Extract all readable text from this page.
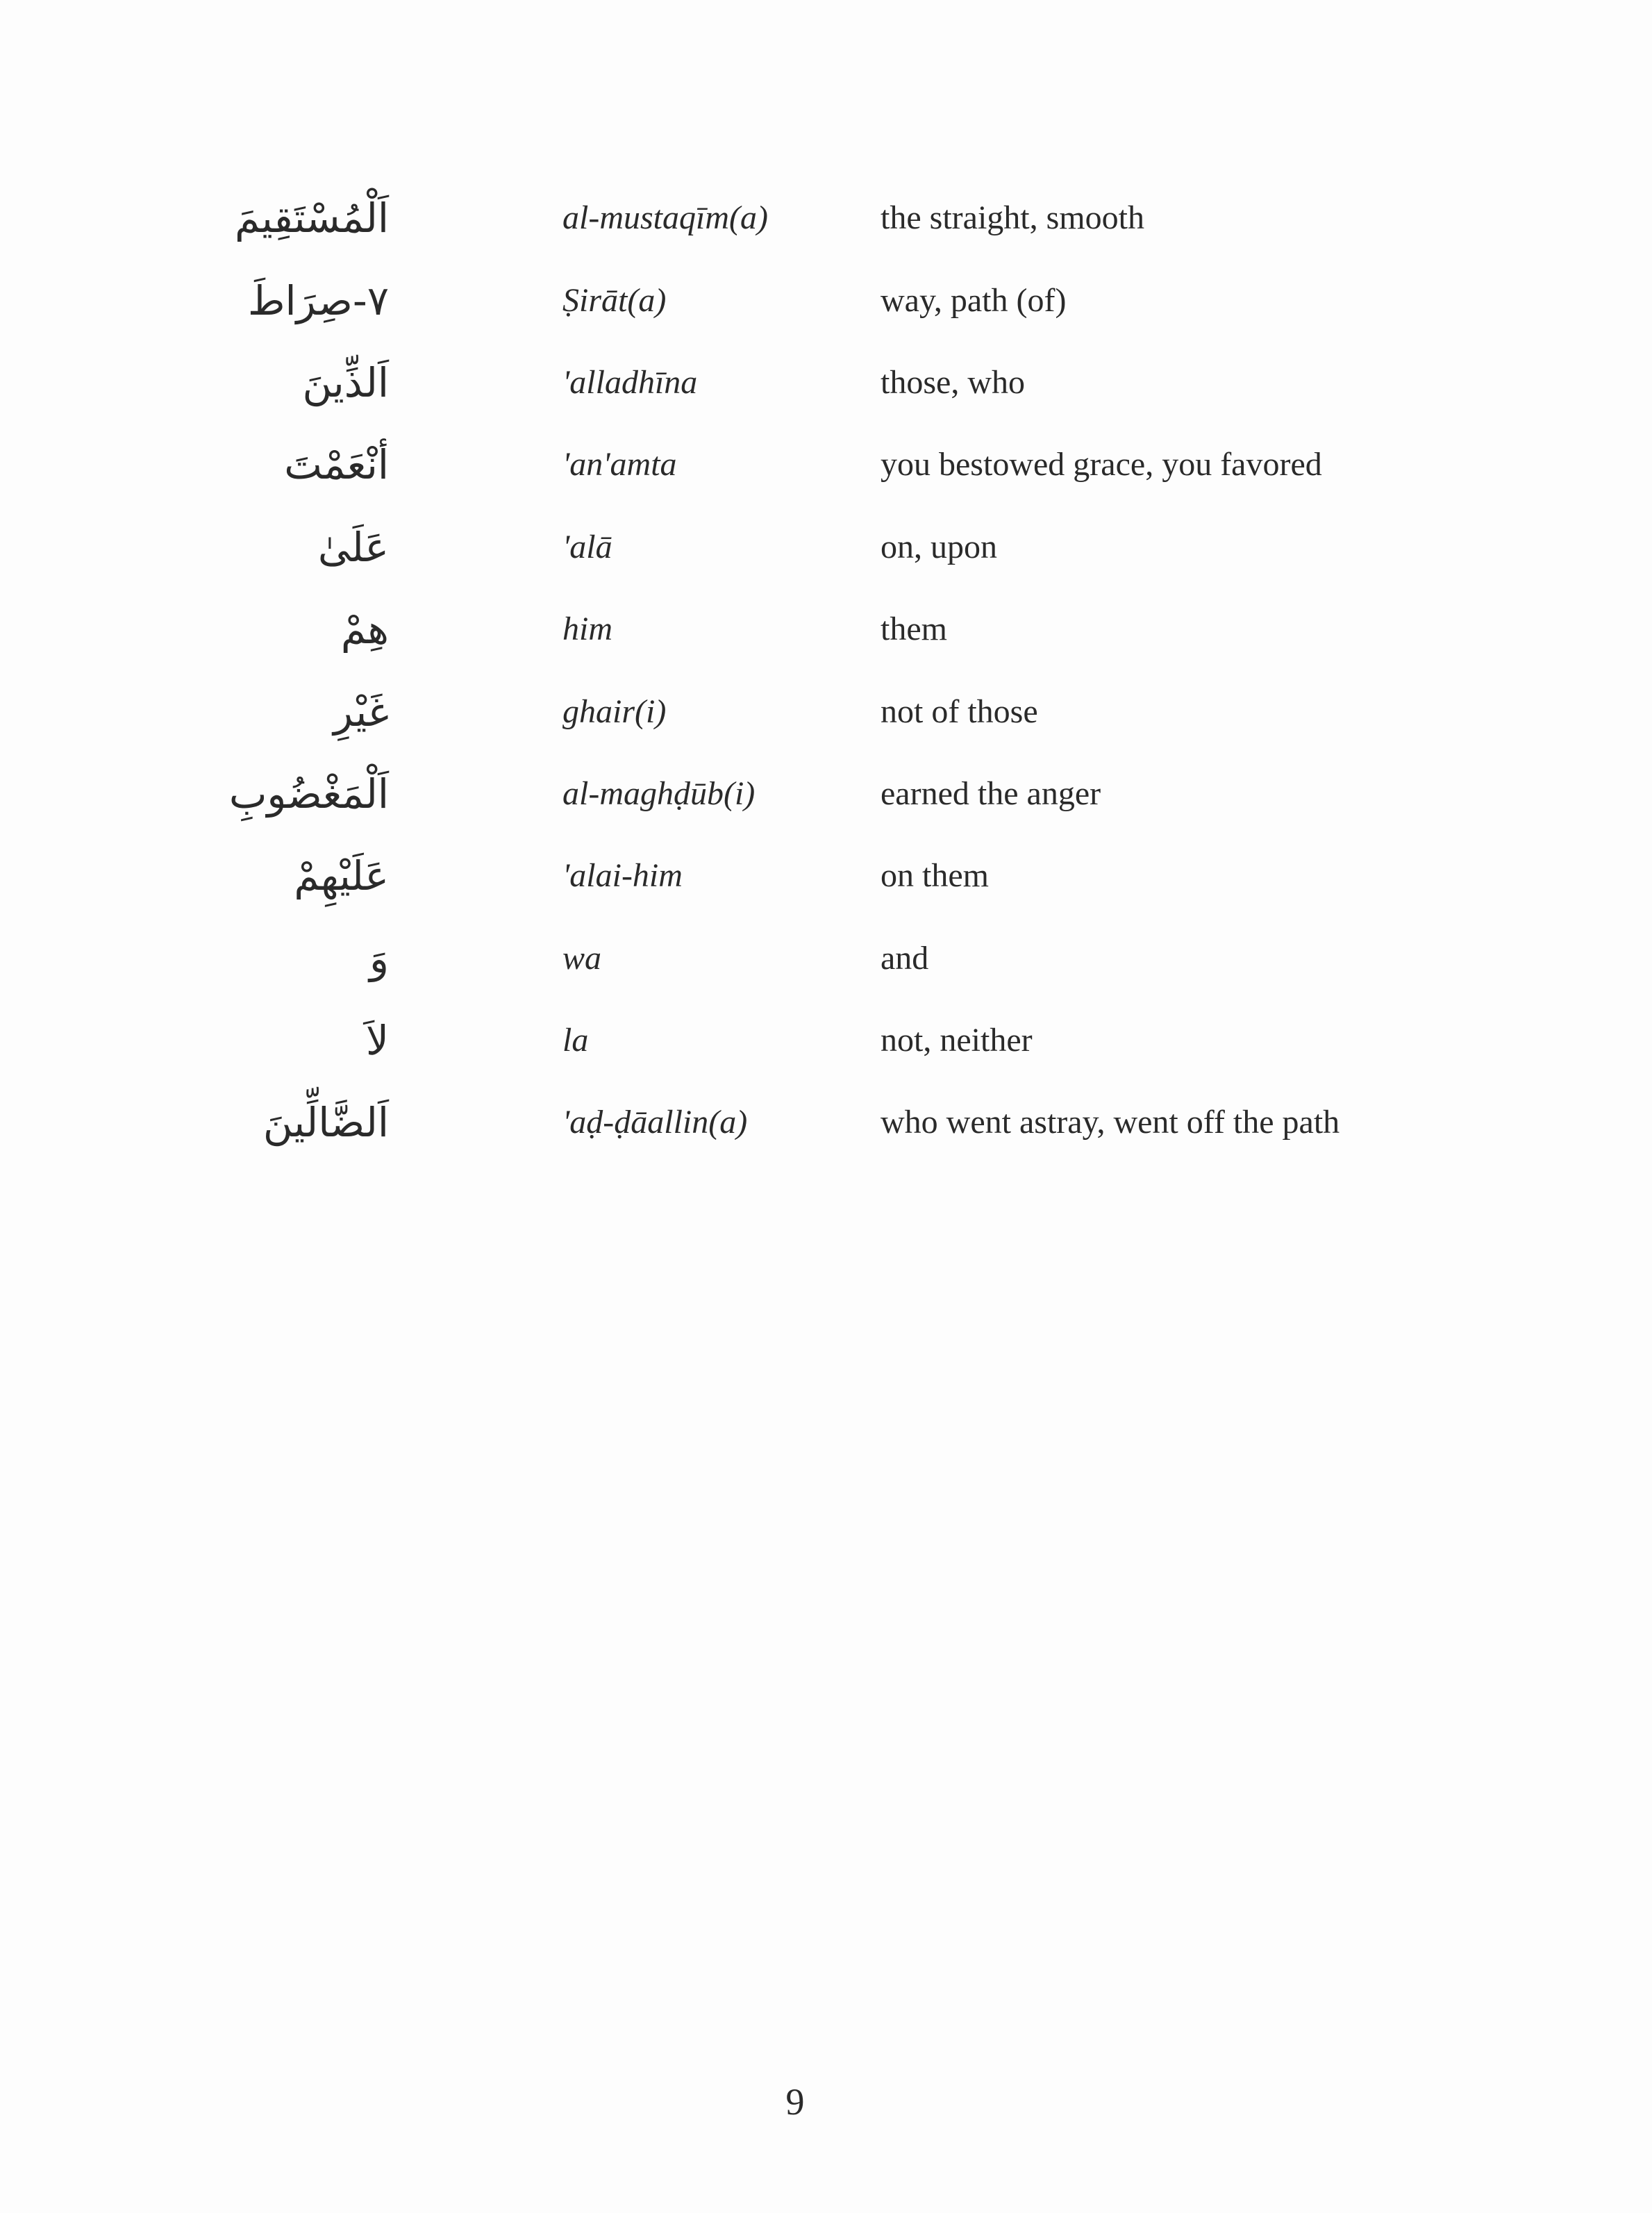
اَلْمُسْتَقِيمَ	al-mustaqīm(a)	the straight, smooth
٧-صِرَاطَ	Ṣirāt(a)	way, path (of)
اَلذِّينَ	'alladhīna	those, who
أنْعَمْتَ	'an'amta	you bestowed grace, you favored
عَلَىٰ	'alā	on, upon
هِمْ	him	them
غَيْرِ	ghair(i)	not of those
اَلْمَغْضُوبِ	al-maghḍūb(i)	earned the anger
عَلَيْهِمْ	'alai-him	on them
وَ	wa	and
لاَ	la	not, neither
اَلضَّالِّينَ	'aḍ-ḍāallin(a)	who went astray, went off the path
9
